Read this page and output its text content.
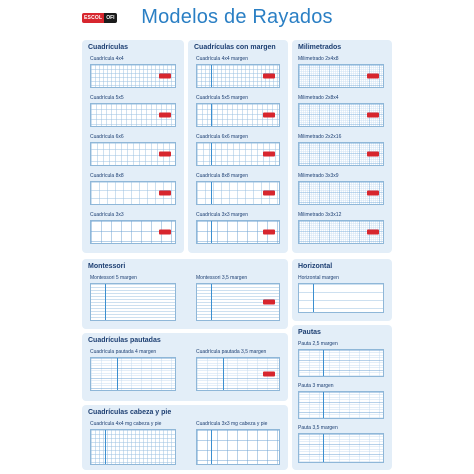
ESCOL OFI	Modelos de Rayados
Cuadrículas
Cuadrícula 4x4
Cuadrícula 5x5
Cuadrícula 6x6
Cuadrícula 8x8
Cuadrícula 3x3
Cuadrículas con margen
Cuadrícula 4x4 margen
Cuadrícula 5x5 margen
Cuadrícula 6x6 margen
Cuadrícula 8x8 margen
Cuadrícula 3x3 margen
Milimetrados
Milimetrado 2x4x8
Milimetrado 2x8x4
Milimetrado 2x2x16
Milimetrado 3x3x9
Milimetrado 3x3x12
Montessori
Montessori 5 margen	Montessori 3,5 margen
Horizontal
Horizontal margen
Cuadrículas pautadas
Cuadrícula pautada 4 margen	Cuadrícula pautada 3,5 margen
Pautas
Pauta 2,5 margen
Pauta 3 margen
Pauta 3,5 margen
Cuadrículas cabeza y pie
Cuadrícula 4x4 mg cabeza y pie	Cuadrícula 3x3 mg cabeza y pie
